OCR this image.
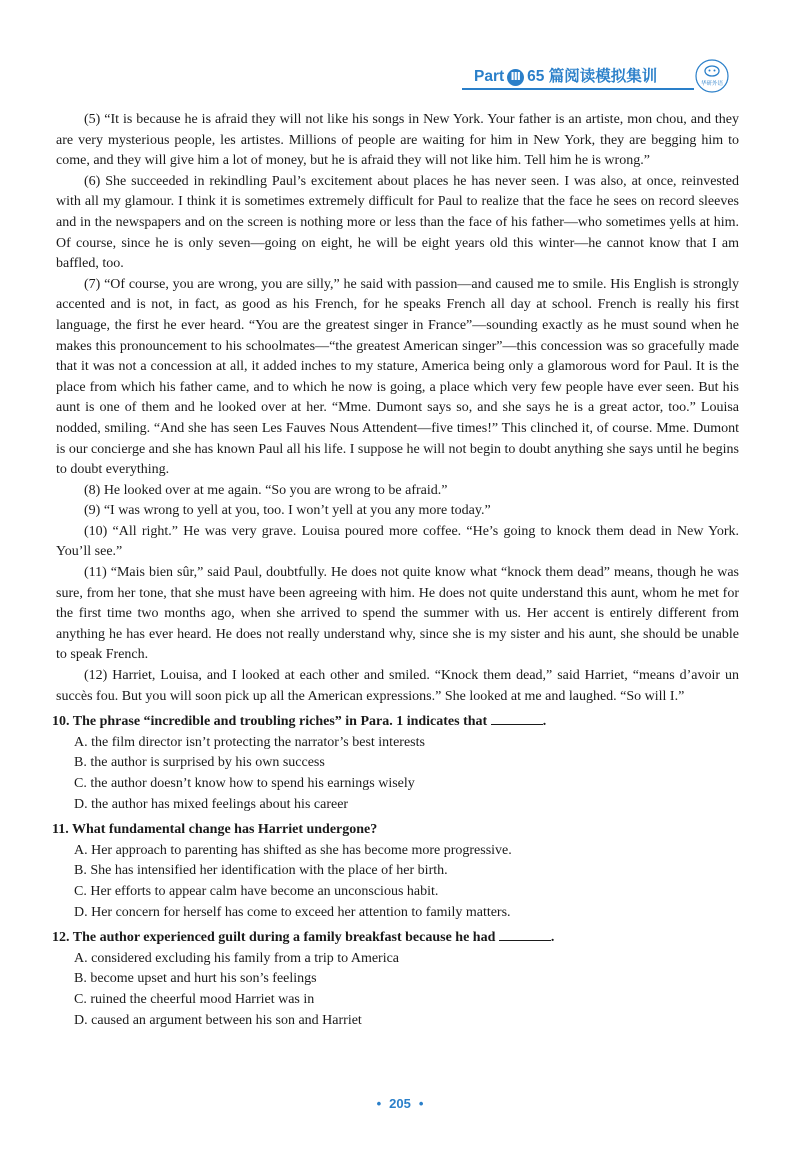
Part Ⅲ 65 篇阅读模拟集训	华研外语

(5) “It is because he is afraid they will not like his songs in New York. Your father is an artiste, mon chou, and they are very mysterious people, les artistes. Millions of people are waiting for him in New York, they are begging him to come, and they will give him a lot of money, but he is afraid they will not like him. Tell him he is wrong.”

(6) She succeeded in rekindling Paul’s excitement about places he has never seen. I was also, at once, reinvested with all my glamour. I think it is sometimes extremely difficult for Paul to realize that the face he sees on record sleeves and in the newspapers and on the screen is nothing more or less than the face of his father—who sometimes yells at him. Of course, since he is only seven—going on eight, he will be eight years old this winter—he cannot know that I am baffled, too.

(7) “Of course, you are wrong, you are silly,” he said with passion—and caused me to smile. His English is strongly accented and is not, in fact, as good as his French, for he speaks French all day at school. French is really his first language, the first he ever heard. “You are the greatest singer in France”—sounding exactly as he must sound when he makes this pronouncement to his schoolmates—“the greatest American singer”—this concession was so gracefully made that it was not a concession at all, it added inches to my stature, America being only a glamorous word for Paul. It is the place from which his father came, and to which he now is going, a place which very few people have ever seen. But his aunt is one of them and he looked over at her. “Mme. Dumont says so, and she says he is a great actor, too.” Louisa nodded, smiling. “And she has seen Les Fauves Nous Attendent—five times!” This clinched it, of course. Mme. Dumont is our concierge and she has known Paul all his life. I suppose he will not begin to doubt anything she says until he begins to doubt everything.

(8) He looked over at me again. “So you are wrong to be afraid.”

(9) “I was wrong to yell at you, too. I won’t yell at you any more today.”

(10) “All right.” He was very grave. Louisa poured more coffee. “He’s going to knock them dead in New York. You’ll see.”

(11) “Mais bien sûr,” said Paul, doubtfully. He does not quite know what “knock them dead” means, though he was sure, from her tone, that she must have been agreeing with him. He does not quite understand this aunt, whom he met for the first time two months ago, when she arrived to spend the summer with us. Her accent is entirely different from anything he has ever heard. He does not really understand why, since she is my sister and his aunt, she should be unable to speak French.

(12) Harriet, Louisa, and I looked at each other and smiled. “Knock them dead,” said Harriet, “means d’avoir un succès fou. But you will soon pick up all the American expressions.” She looked at me and laughed. “So will I.”

10. The phrase “incredible and troubling riches” in Para. 1 indicates that	.

A. the film director isn’t protecting the narrator’s best interests

B. the author is surprised by his own success

C. the author doesn’t know how to spend his earnings wisely

D. the author has mixed feelings about his career

11. What fundamental change has Harriet undergone?

A. Her approach to parenting has shifted as she has become more progressive.

B. She has intensified her identification with the place of her birth.

C. Her efforts to appear calm have become an unconscious habit.

D. Her concern for herself has come to exceed her attention to family matters.

12. The author experienced guilt during a family breakfast because he had	.

A. considered excluding his family from a trip to America

B. become upset and hurt his son’s feelings

C. ruined the cheerful mood Harriet was in

D. caused an argument between his son and Harriet

• 205 •
